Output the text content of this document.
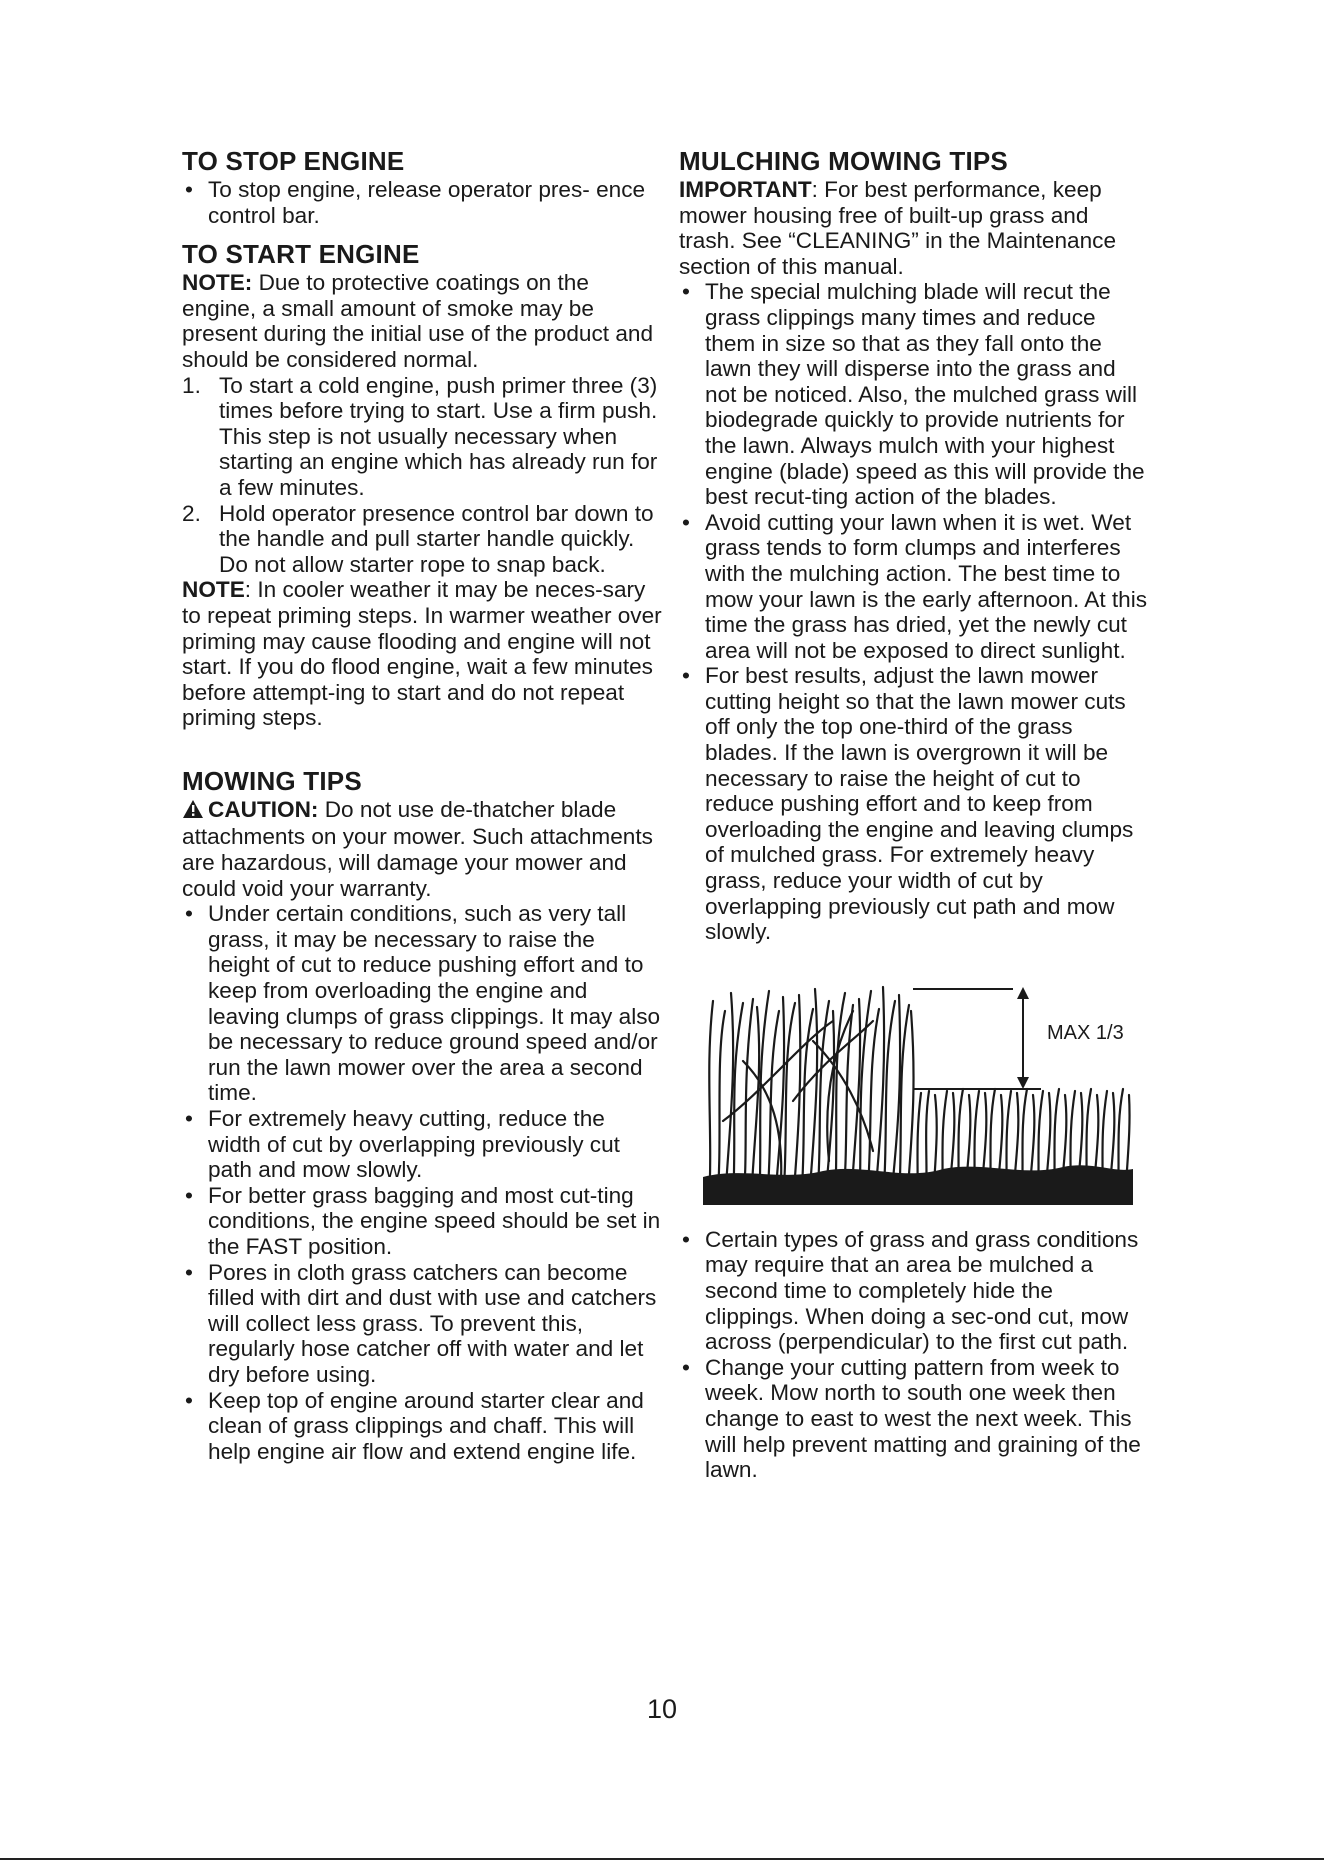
TO STOP ENGINE
• To stop engine, release operator pres- ence control bar.
TO START ENGINE

NOTE: Due to protective coatings on the engine, a small amount of smoke may be present during the initial use of the product and should be considered normal.

1. To start a cold engine, push primer three (3) times before trying to start. Use a firm push. This step is not usually necessary when starting an engine which has already run for a few minutes.
2. Hold operator presence control bar down to the handle and pull starter handle quickly. Do not allow starter rope to snap back.

NOTE: In cooler weather it may be neces-sary to repeat priming steps. In warmer weather over priming may cause flooding and engine will not start. If you do flood engine, wait a few minutes before attempt-ing to start and do not repeat priming steps.

MOWING TIPS

CAUTION: Do not use de-thatcher blade attachments on your mower. Such attachments are hazardous, will damage your mower and could void your warranty.

• Under certain conditions, such as very tall grass, it may be necessary to raise the height of cut to reduce pushing effort and to keep from overloading the engine and leaving clumps of grass clippings. It may also be necessary to reduce ground speed and/or run the lawn mower over the area a second time.
• For extremely heavy cutting, reduce the width of cut by overlapping previously cut path and mow slowly.
• For better grass bagging and most cut-ting conditions, the engine speed should be set in the FAST position.
• Pores in cloth grass catchers can become filled with dirt and dust with use and catchers will collect less grass. To prevent this, regularly hose catcher off with water and let dry before using.
• Keep top of engine around starter clear and clean of grass clippings and chaff. This will help engine air flow and extend engine life.
MULCHING MOWING TIPS

IMPORTANT: For best performance, keep mower housing free of built-up grass and trash. See “CLEANING” in the Maintenance section of this manual.

• The special mulching blade will recut the grass clippings many times and reduce them in size so that as they fall onto the lawn they will disperse into the grass and not be noticed. Also, the mulched grass will biodegrade quickly to provide nutrients for the lawn. Always mulch with your highest engine (blade) speed as this will provide the best recut-ting action of the blades.
• Avoid cutting your lawn when it is wet. Wet grass tends to form clumps and interferes with the mulching action. The best time to mow your lawn is the early afternoon. At this time the grass has dried, yet the newly cut area will not be exposed to direct sunlight.
• For best results, adjust the lawn mower cutting height so that the lawn mower cuts off only the top one-third of the grass blades. If the lawn is overgrown it will be necessary to raise the height of cut to reduce pushing effort and to keep from overloading the engine and leaving clumps of mulched grass. For extremely heavy grass, reduce your width of cut by overlapping previously cut path and mow slowly.
MAX 1/3
• Certain types of grass and grass conditions may require that an area be mulched a second time to completely hide the clippings. When doing a sec-ond cut, mow across (perpendicular) to the first cut path.
• Change your cutting pattern from week to week. Mow north to south one week then change to east to west the next week. This will help prevent matting and graining of the lawn.
10
